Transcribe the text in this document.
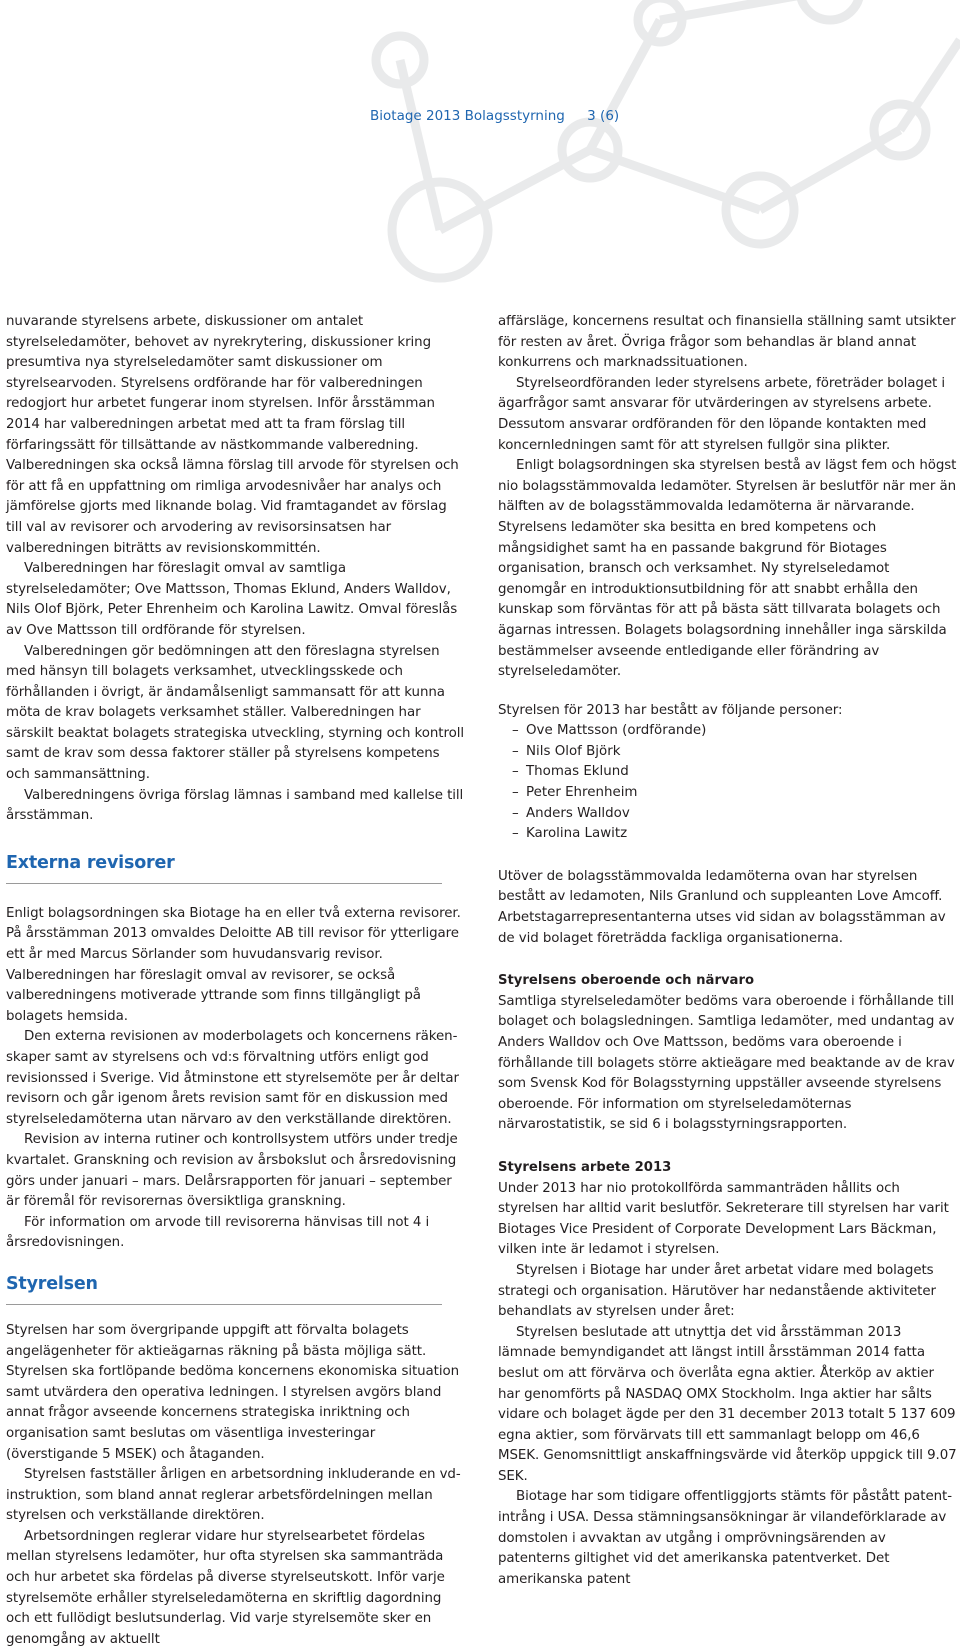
Biotage 2013 Bolagsstyrning 3 (6)

nuvarande styrelsens arbete, diskussioner om antalet styrelseledamöter, behovet av nyrekrytering, diskussioner kring presumtiva nya styrelseledamöter samt diskussioner om styrelsearvoden. Styrelsens ordförande har för valberedningen redogjort hur arbetet fungerar inom styrelsen. Inför årsstämman 2014 har valberedningen arbetat med att ta fram förslag till förfaringssätt för tillsättande av nästkommande valberedning. Valberedningen ska också lämna förslag till arvode för styrelsen och för att få en uppfattning om rimliga arvodesnivåer har analys och jämförelse gjorts med liknande bolag. Vid framtagandet av förslag till val av revisorer och arvodering av revisorsinsatsen har valberedningen biträtts av revisionskommittén.

Valberedningen har föreslagit omval av samtliga styrelseledamöter; Ove Mattsson, Thomas Eklund, Anders Walldov, Nils Olof Björk, Peter Ehrenheim och Karolina Lawitz. Omval föreslås av Ove Mattsson till ordförande för styrelsen.

Valberedningen gör bedömningen att den föreslagna styrelsen med hänsyn till bolagets verksamhet, utvecklingsskede och förhållanden i övrigt, är ändamålsenligt sammansatt för att kunna möta de krav bolagets verksamhet ställer. Valberedningen har särskilt beaktat bolagets strategiska utveckling, styrning och kontroll samt de krav som dessa faktorer ställer på styrelsens kompetens och sammansättning.

Valberedningens övriga förslag lämnas i samband med kallelse till årsstämman.

Externa revisorer

Enligt bolagsordningen ska Biotage ha en eller två externa revisorer. På årsstämman 2013 omvaldes Deloitte AB till revisor för ytterligare ett år med Marcus Sörlander som huvudansvarig revisor. Valberedningen har föreslagit omval av revisorer, se också valberedningens motiverade yttrande som finns tillgängligt på bolagets hemsida.

Den externa revisionen av moderbolagets och koncernens räkenskaper samt av styrelsens och vd:s förvaltning utförs enligt god revisionssed i Sverige. Vid åtminstone ett styrelsemöte per år deltar revisorn och går igenom årets revision samt för en diskussion med styrelseledamöterna utan närvaro av den verkställande direktören.

Revision av interna rutiner och kontrollsystem utförs under tredje kvartalet. Granskning och revision av årsbokslut och årsredovisning görs under januari – mars. Delårsrapporten för januari – september är föremål för revisorernas översiktliga granskning.

För information om arvode till revisorerna hänvisas till not 4 i årsredovisningen.

Styrelsen

Styrelsen har som övergripande uppgift att förvalta bolagets angelägenheter för aktieägarnas räkning på bästa möjliga sätt. Styrelsen ska fortlöpande bedöma koncernens ekonomiska situation samt utvärdera den operativa ledningen. I styrelsen avgörs bland annat frågor avseende koncernens strategiska inriktning och organisation samt beslutas om väsentliga investeringar (överstigande 5 MSEK) och åtaganden.

Styrelsen fastställer årligen en arbetsordning inkluderande en vd-instruktion, som bland annat reglerar arbetsfördelningen mellan styrelsen och verkställande direktören.

Arbetsordningen reglerar vidare hur styrelsearbetet fördelas mellan styrelsens ledamöter, hur ofta styrelsen ska sammanträda och hur arbetet ska fördelas på diverse styrelseutskott. Inför varje styrelsemöte erhåller styrelseledamöterna en skriftlig dagordning och ett fullödigt beslutsunderlag. Vid varje styrelsemöte sker en genomgång av aktuellt

affärsläge, koncernens resultat och finansiella ställning samt utsikter för resten av året. Övriga frågor som behandlas är bland annat konkurrens och marknadssituationen.

Styrelseordföranden leder styrelsens arbete, företräder bolaget i ägarfrågor samt ansvarar för utvärderingen av styrelsens arbete. Dessutom ansvarar ordföranden för den löpande kontakten med koncernledningen samt för att styrelsen fullgör sina plikter.

Enligt bolagsordningen ska styrelsen bestå av lägst fem och högst nio bolagsstämmovalda ledamöter. Styrelsen är beslutför när mer än hälften av de bolagsstämmovalda ledamöterna är närvarande. Styrelsens ledamöter ska besitta en bred kompetens och mångsidighet samt ha en passande bakgrund för Biotages organisation, bransch och verksamhet. Ny styrelseledamot genomgår en introduktionsutbildning för att snabbt erhålla den kunskap som förväntas för att på bästa sätt tillvarata bolagets och ägarnas intressen. Bolagets bolagsordning innehåller inga särskilda bestämmelser avseende entledigande eller förändring av styrelseledamöter.

Styrelsen för 2013 har bestått av följande personer:

– Ove Mattsson (ordförande)
– Nils Olof Björk
– Thomas Eklund
– Peter Ehrenheim
– Anders Walldov
– Karolina Lawitz

Utöver de bolagsstämmovalda ledamöterna ovan har styrelsen bestått av ledamoten, Nils Granlund och suppleanten Love Amcoff. Arbetstagarrepresentanterna utses vid sidan av bolagsstämman av de vid bolaget företrädda fackliga organisationerna.

Styrelsens oberoende och närvaro

Samtliga styrelseledamöter bedöms vara oberoende i förhållande till bolaget och bolagsledningen. Samtliga ledamöter, med undantag av Anders Walldov och Ove Mattsson, bedöms vara oberoende i förhållande till bolagets större aktieägare med beaktande av de krav som Svensk Kod för Bolagsstyrning uppställer avseende styrelsens oberoende. För information om styrelseledamöternas närvarostatistik, se sid 6 i bolagsstyrningsrapporten.

Styrelsens arbete 2013

Under 2013 har nio protokollförda sammanträden hållits och styrelsen har alltid varit beslutför. Sekreterare till styrelsen har varit Biotages Vice President of Corporate Development Lars Bäckman, vilken inte är ledamot i styrelsen.

Styrelsen i Biotage har under året arbetat vidare med bolagets strategi och organisation. Härutöver har nedanstående aktiviteter behandlats av styrelsen under året:

Styrelsen beslutade att utnyttja det vid årsstämman 2013 lämnade bemyndigandet att längst intill årsstämman 2014 fatta beslut om att förvärva och överlåta egna aktier. Återköp av aktier har genomförts på NASDAQ OMX Stockholm. Inga aktier har sålts vidare och bolaget ägde per den 31 december 2013 totalt 5 137 609 egna aktier, som förvärvats till ett sammanlagt belopp om 46,6 MSEK. Genomsnittligt anskaffningsvärde vid återköp uppgick till 9.07 SEK.

Biotage har som tidigare offentliggjorts stämts för påstått patentintrång i USA. Dessa stämningsansökningar är vilandeförklarade av domstolen i avvaktan av utgång i omprövningsärenden av patenterns giltighet vid det amerikanska patentverket. Det amerikanska patent
